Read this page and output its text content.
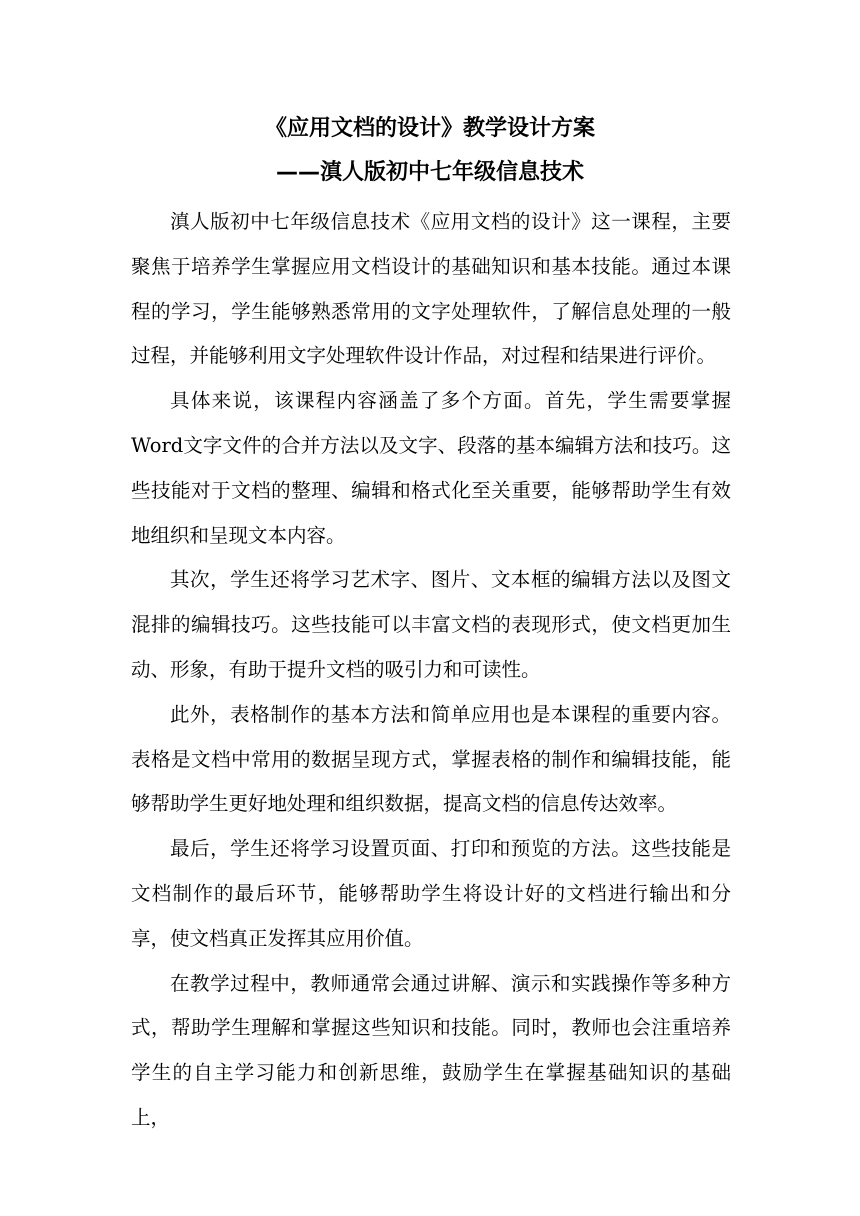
《应用文档的设计》教学设计方案
——滇人版初中七年级信息技术

滇人版初中七年级信息技术《应用文档的设计》这一课程，主要聚焦于培养学生掌握应用文档设计的基础知识和基本技能。通过本课程的学习，学生能够熟悉常用的文字处理软件，了解信息处理的一般过程，并能够利用文字处理软件设计作品，对过程和结果进行评价。

具体来说，该课程内容涵盖了多个方面。首先，学生需要掌握Word文字文件的合并方法以及文字、段落的基本编辑方法和技巧。这些技能对于文档的整理、编辑和格式化至关重要，能够帮助学生有效地组织和呈现文本内容。

其次，学生还将学习艺术字、图片、文本框的编辑方法以及图文混排的编辑技巧。这些技能可以丰富文档的表现形式，使文档更加生动、形象，有助于提升文档的吸引力和可读性。

此外，表格制作的基本方法和简单应用也是本课程的重要内容。表格是文档中常用的数据呈现方式，掌握表格的制作和编辑技能，能够帮助学生更好地处理和组织数据，提高文档的信息传达效率。

最后，学生还将学习设置页面、打印和预览的方法。这些技能是文档制作的最后环节，能够帮助学生将设计好的文档进行输出和分享，使文档真正发挥其应用价值。

在教学过程中，教师通常会通过讲解、演示和实践操作等多种方式，帮助学生理解和掌握这些知识和技能。同时，教师也会注重培养学生的自主学习能力和创新思维，鼓励学生在掌握基础知识的基础上，
